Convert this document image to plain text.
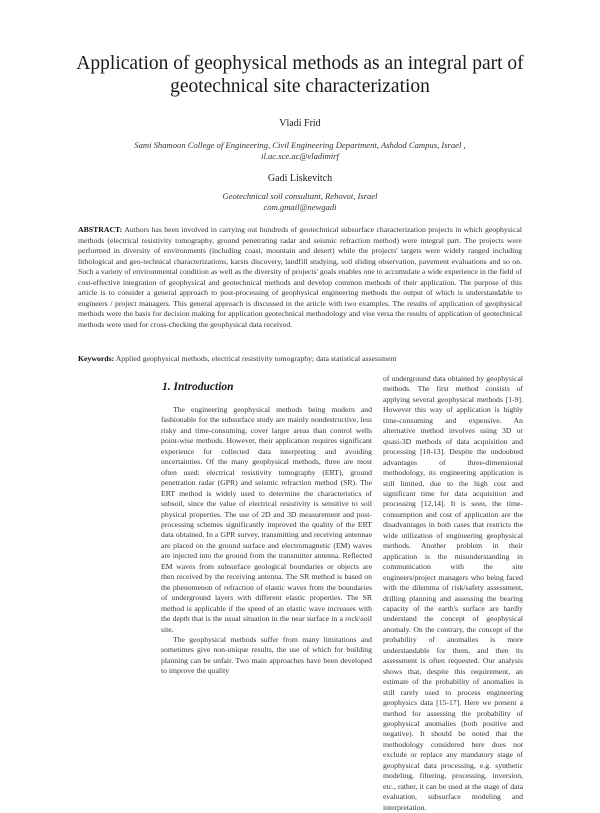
Application of geophysical methods as an integral part of geotechnical site characterization
Vladi Frid
Sami Shamoon College of Engineering, Civil Engineering Department, Ashdod Campus, Israel ,
il.ac.sce.ac@vladimirf
Gadi Liskevitch
Geotechnical soil consultant, Rehovot, Israel
com.gmail@newgadi
ABSTRACT: Authors has been involved in carrying out hundreds of geotechnical subsurface characterization projects in which geophysical methods (electrical resistivity tomography, ground penetrating radar and seismic refraction method) were integral part. The projects were performed in diversity of environments (including coast, mountain and desert) while the projects' targets were widely ranged including lithological and geo-technical characterizations, karsts discovery, landfill studying, soil sliding observation, pavement evaluations and so on. Such a variety of environmental condition as well as the diversity of projects' goals enables one to accumulate a wide experience in the field of cost-effective integration of geophysical and geotechnical methods and develop common methods of their application. The purpose of this article is to consider a general approach to post-processing of geophysical engineering methods the output of which is understandable to engineers / project managers. This general approach is discussed in the article with two examples. The results of application of geophysical methods were the basis for decision making for application geotechnical methodology and vise versa the results of application of geotechnical methods were used for cross-checking the geophysical data received.
Keywords: Applied geophysical methods, electrical resistivity tomography; data statistical assessment
1. Introduction

The engineering geophysical methods being modern and fashionable for the subsurface study are mainly nondestructive, less risky and time-consuming, cover larger areas than control wells point-wise methods. However, their application requires significant experience for collected data interpreting and avoiding uncertainties. Of the many geophysical methods, three are most often used: electrical resistivity tomography (ERT), ground penetration radar (GPR) and seismic refraction method (SR). The ERT method is widely used to determine the characteristics of subsoil, since the value of electrical resistivity is sensitive to soil physical properties. The use of 2D and 3D measurement and post-processing schemes significantly improved the quality of the ERT data obtained. In a GPR survey, transmitting and receiving antennae are placed on the ground surface and electromagnetic (EM) waves are injected into the ground from the transmitter antenna. Reflected EM waves from subsurface geological boundaries or objects are then received by the receiving antenna. The SR method is based on the phenomenon of refraction of elastic waves from the boundaries of underground layers with different elastic properties. The SR method is applicable if the speed of an elastic wave increases with the depth that is the usual situation in the near surface in a rock\soil site.

The geophysical methods suffer from many limitations and sometimes give non-unique results, the use of which for building planning can be unfair. Two main approaches have been developed to improve the quality

of underground data obtained by geophysical methods. The first method consists of applying several geophysical methods [1-9]. However this way of application is highly time-consuming and expensive. An alternative method involves using 3D or quasi-3D methods of data acquisition and processing [10-13]. Despite the undoubted advantages of three-dimensional methodology, its engineering application is still limited, due to the high cost and significant time for data acquisition and processing [12,14]. It is seen, the time-consumption and cost of application are the disadvantages in both cases that restricts the wide utilization of engineering geophysical methods. Another problem in their application is the misunderstanding in communication with the site engineers/project managers who being faced with the dilemma of risk/safety assessment, drilling planning and assessing the bearing capacity of the earth's surface are hardly understand the concept of geophysical anomaly. On the contrary, the concept of the probability of anomalies is more understandable for them, and then its assessment is often requested. Our analysis shows that, despite this requirement, an estimate of the probability of anomalies is still rarely used to process engineering geophysics data [15-17]. Here we present a method for assessing the probability of geophysical anomalies (both positive and negative). It should be noted that the methodology considered here does not exclude or replace any mandatory stage of geophysical data processing, e.g. synthetic modeling, filtering, processing, inversion, etc., rather, it can be used at the stage of data evaluation, subsurface modeling and interpretation.
